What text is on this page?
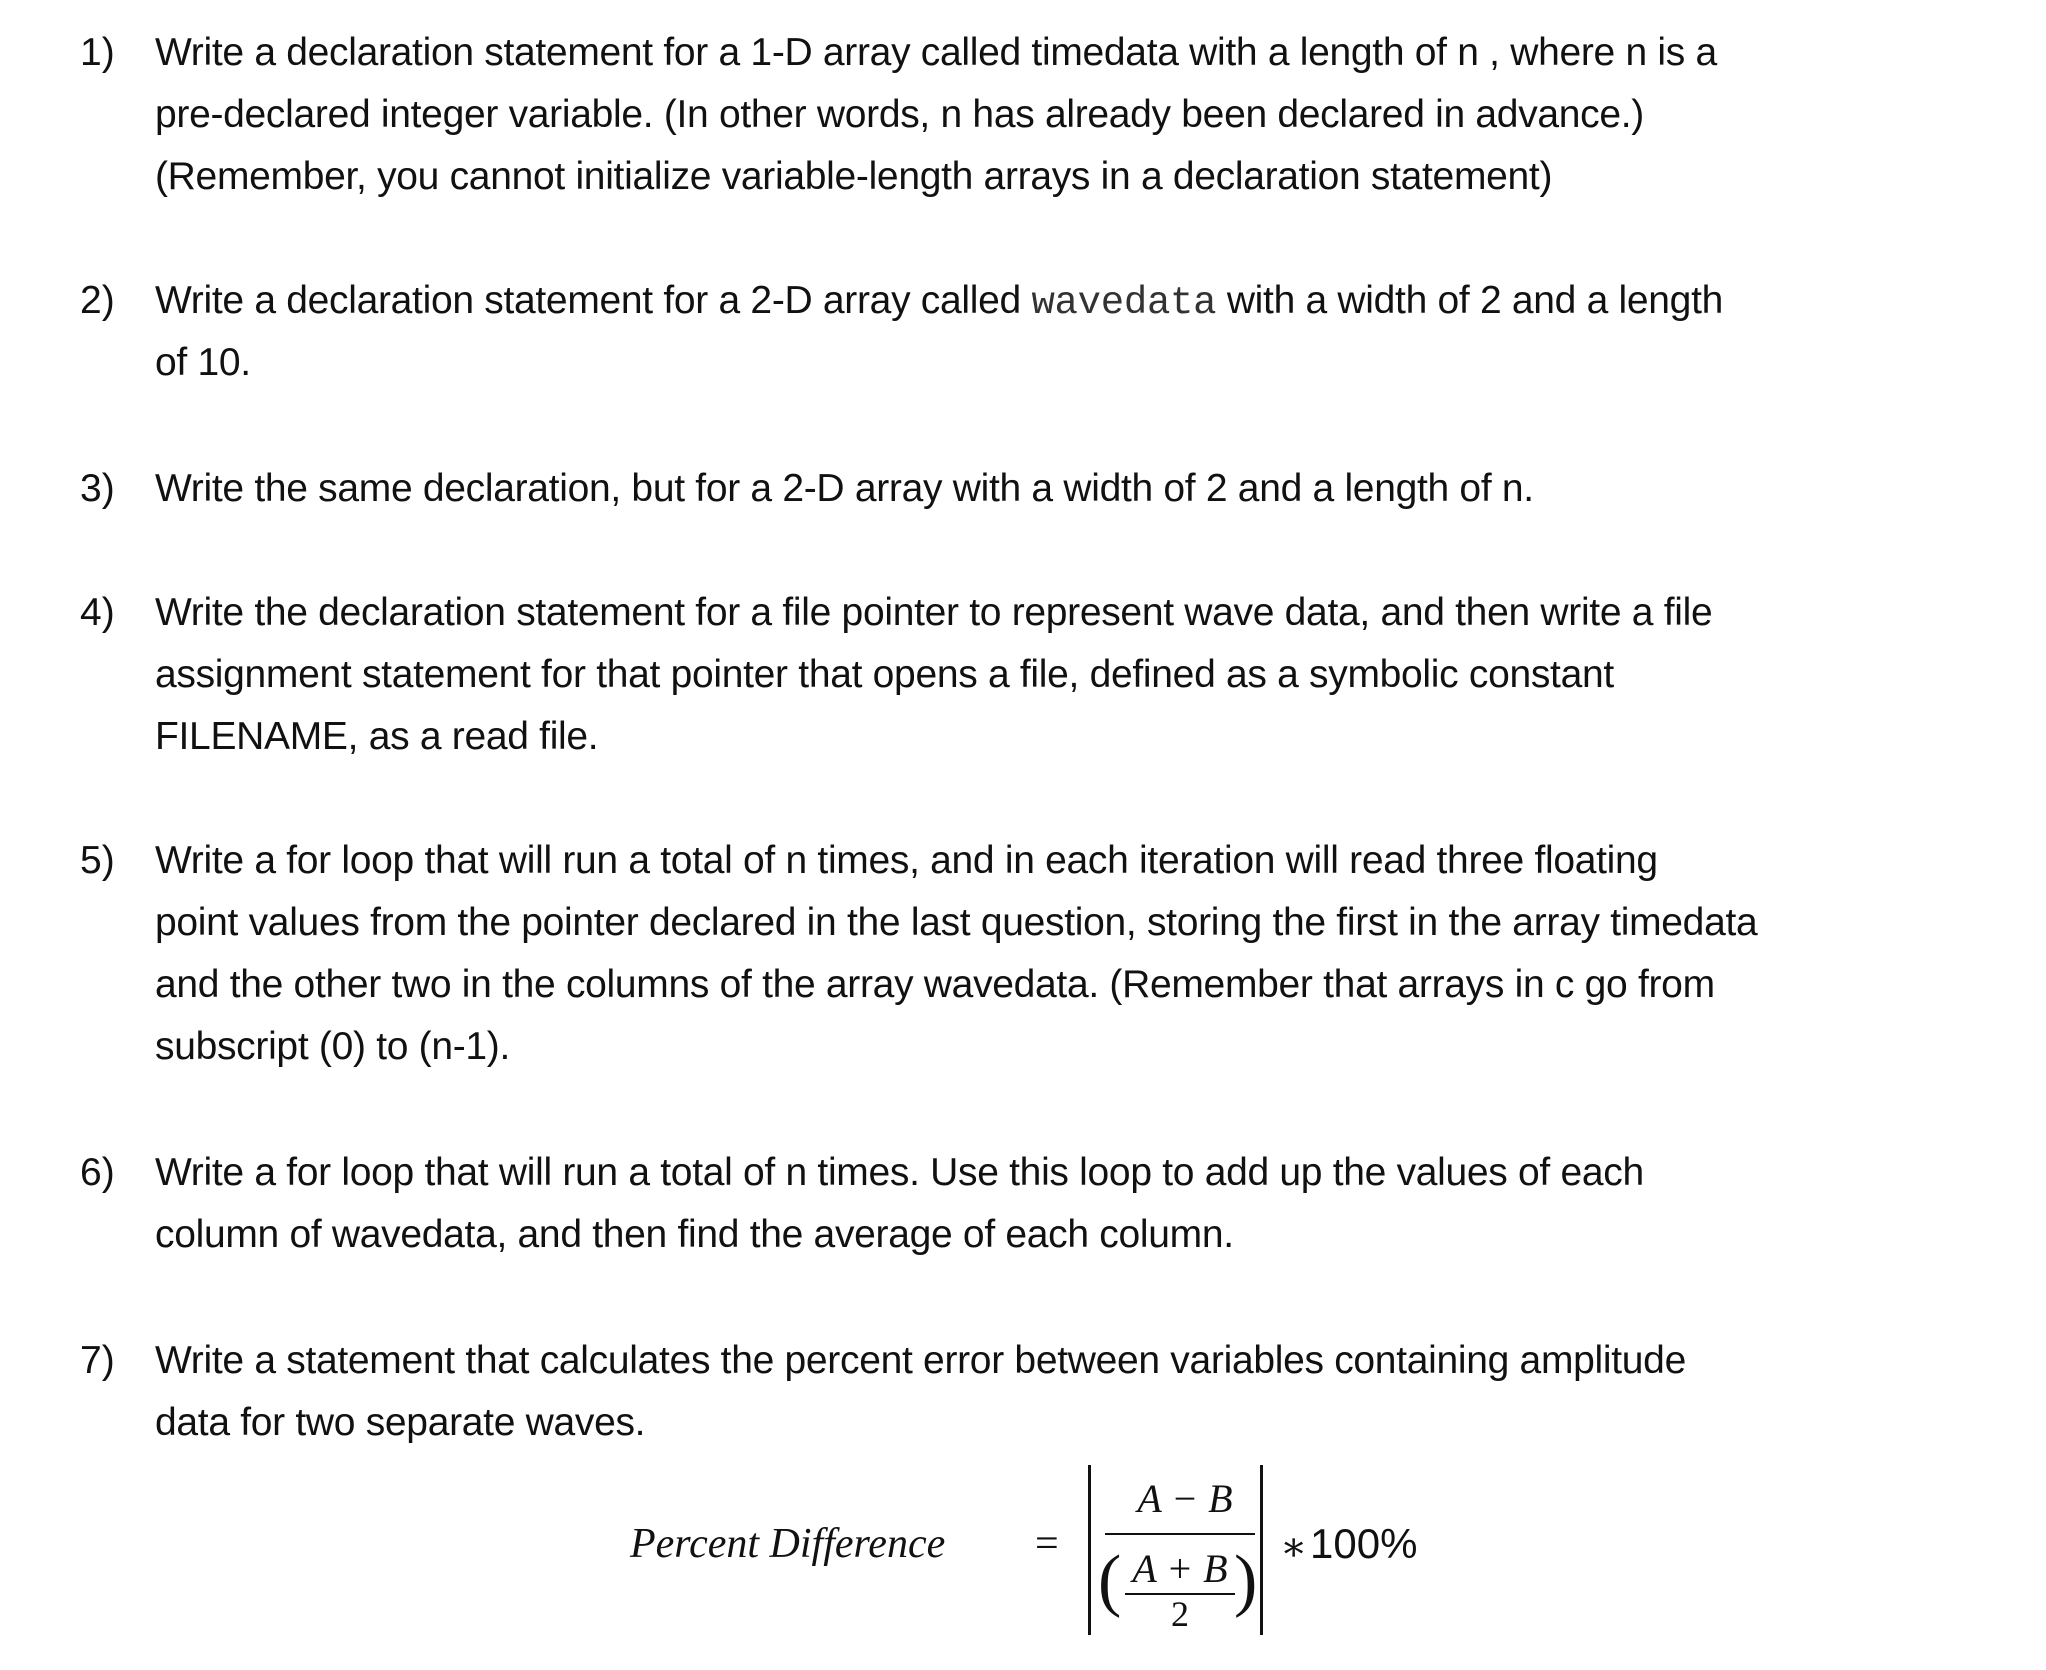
1) Write a declaration statement for a 1-D array called timedata with a length of n , where n is a
pre-declared integer variable. (In other words, n has already been declared in advance.)
(Remember, you cannot initialize variable-length arrays in a declaration statement)
2) Write a declaration statement for a 2-D array called wavedata with a width of 2 and a length
of 10.
3) Write the same declaration, but for a 2-D array with a width of 2 and a length of n.
4) Write the declaration statement for a file pointer to represent wave data, and then write a file
assignment statement for that pointer that opens a file, defined as a symbolic constant
FILENAME, as a read file.
5) Write a for loop that will run a total of n times, and in each iteration will read three floating
point values from the pointer declared in the last question, storing the first in the array timedata
and the other two in the columns of the array wavedata. (Remember that arrays in c go from
subscript (0) to (n-1).
6) Write a for loop that will run a total of n times. Use this loop to add up the values of each
column of wavedata, and then find the average of each column.
7) Write a statement that calculates the percent error between variables containing amplitude
data for two separate waves.
Percent Difference =
A − B
( A + B
2 ) ∗ 100%
